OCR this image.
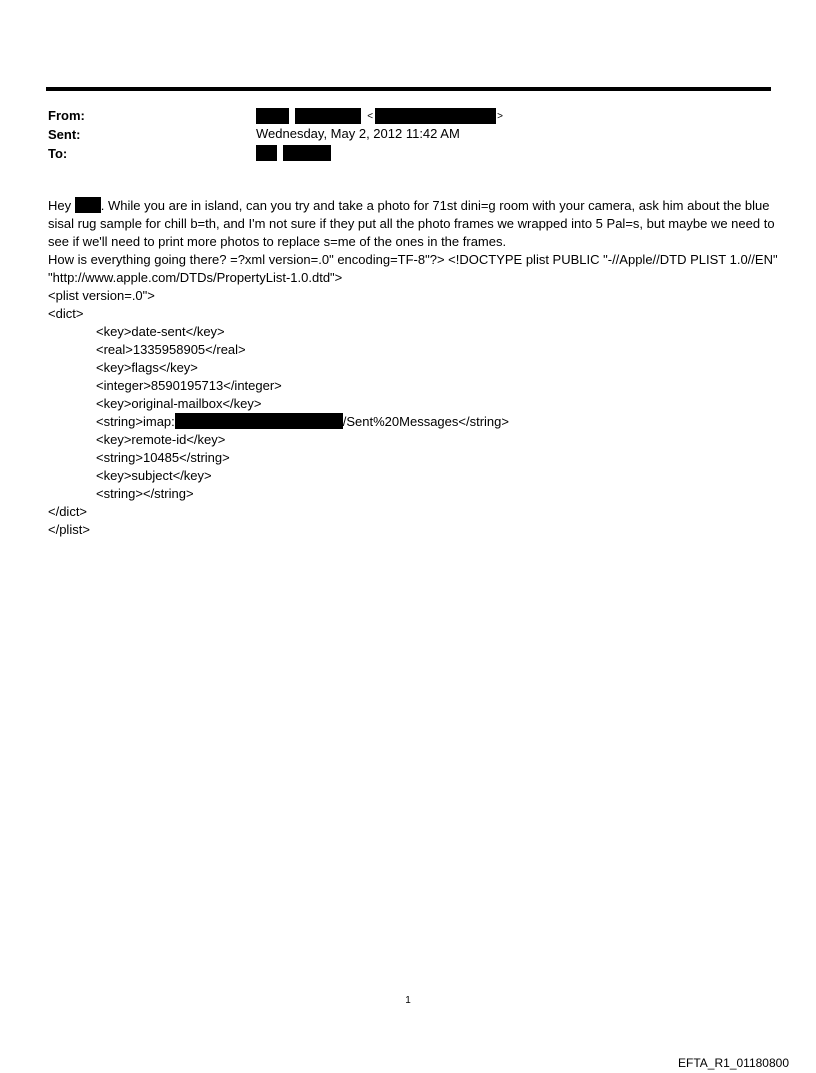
From:
Sent:
To:
<	>
Wednesday, May 2, 2012 11:42 AM

Hey . While you are in island, can you try and take a photo for 71st dini=g room with your camera, ask him about the blue sisal rug sample for chill b=th, and I'm not sure if they put all the photo frames we wrapped into 5 Pal=s, but maybe we need to see if we'll need to print more photos to replace s=me of the ones in the frames.
How is everything going there? =?xml version=.0" encoding=TF-8"?> <!DOCTYPE plist PUBLIC "-//Apple//DTD PLIST 1.0//EN" "http://www.apple.com/DTDs/PropertyList-1.0.dtd">
<plist version=.0">
<dict>
<key>date-sent</key>
<real>1335958905</real>
<key>flags</key>
<integer>8590195713</integer>
<key>original-mailbox</key>
<string>imap:	/Sent%20Messages</string>
<key>remote-id</key>
<string>10485</string>
<key>subject</key>
<string></string>
</dict>
</plist>
1
EFTA_R1_01180800
